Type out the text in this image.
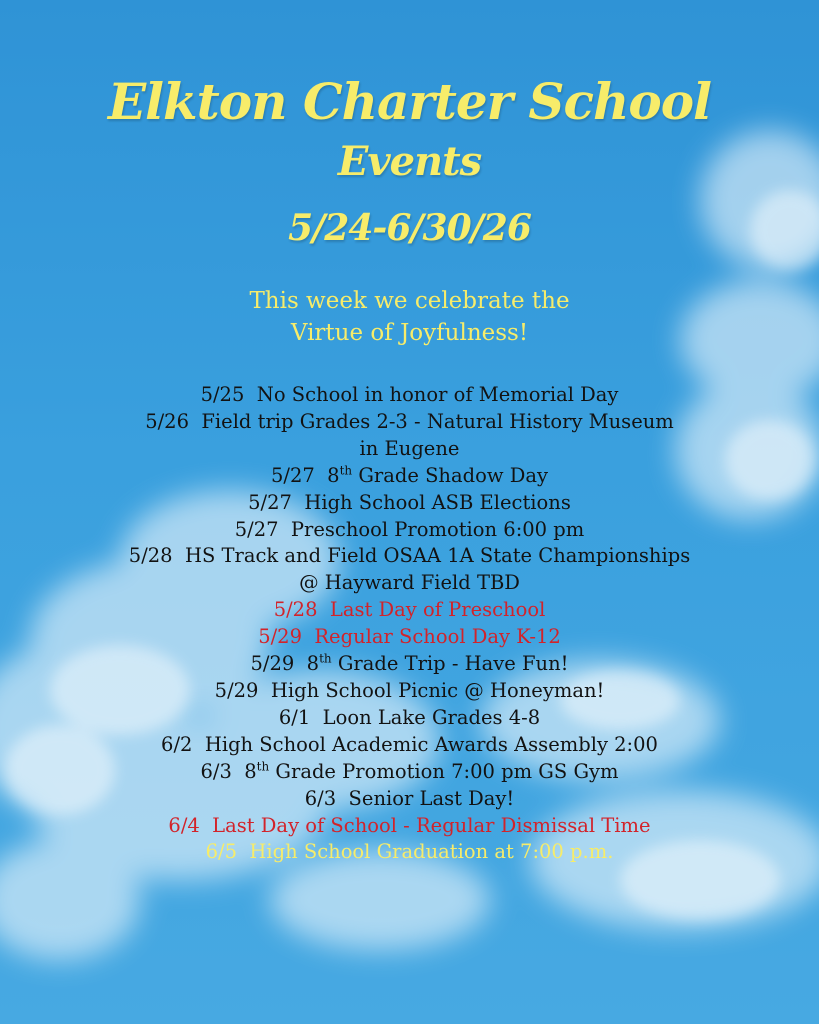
Elkton Charter School
Events
5/24-6/30/26
This week we celebrate the
Virtue of Joyfulness!
5/25  No School in honor of Memorial Day
5/26  Field trip Grades 2-3 - Natural History Museum
in Eugene
5/27  8th Grade Shadow Day
5/27  High School ASB Elections
5/27  Preschool Promotion 6:00 pm
5/28  HS Track and Field OSAA 1A State Championships
@ Hayward Field TBD
5/28  Last Day of Preschool
5/29  Regular School Day K-12
5/29  8th Grade Trip - Have Fun!
5/29  High School Picnic @ Honeyman!
6/1  Loon Lake Grades 4-8
6/2  High School Academic Awards Assembly 2:00
6/3  8th Grade Promotion 7:00 pm GS Gym
6/3  Senior Last Day!
6/4  Last Day of School - Regular Dismissal Time
6/5  High School Graduation at 7:00 p.m.
